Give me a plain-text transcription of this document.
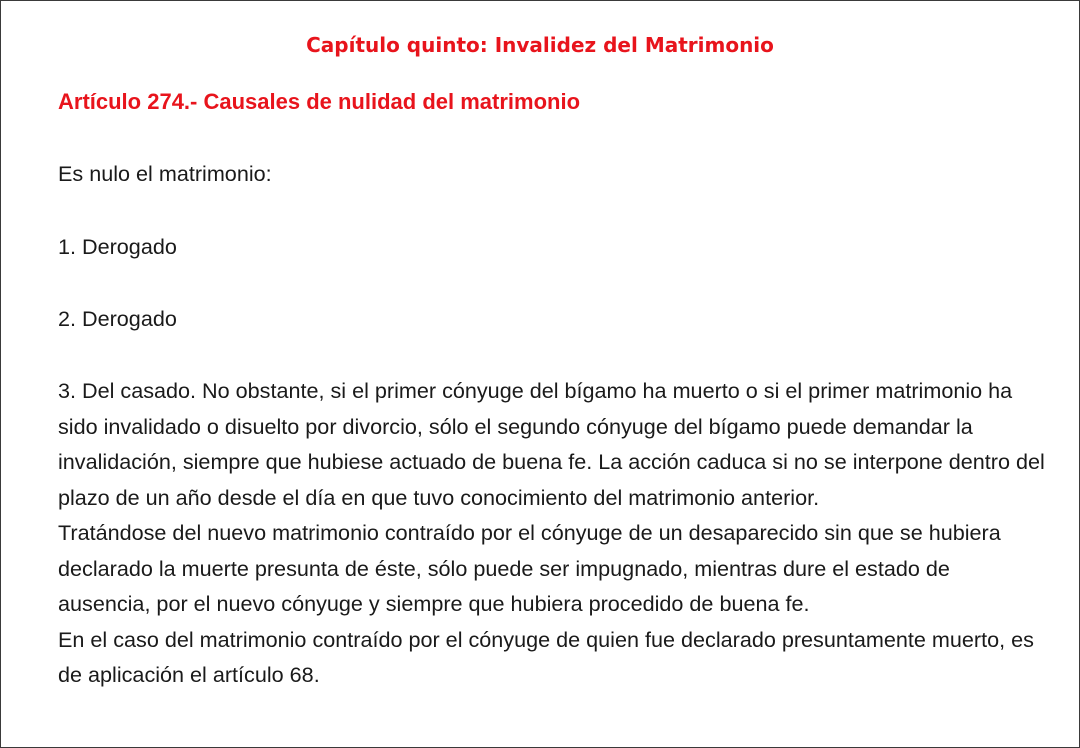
Capítulo quinto: Invalidez del Matrimonio
Artículo 274.- Causales de nulidad del matrimonio
Es nulo el matrimonio:
1. Derogado
2. Derogado

3. Del casado. No obstante, si el primer cónyuge del bígamo ha muerto o si el primer matrimonio ha sido invalidado o disuelto por divorcio, sólo el segundo cónyuge del bígamo puede demandar la invalidación, siempre que hubiese actuado de buena fe. La acción caduca si no se interpone dentro del plazo de un año desde el día en que tuvo conocimiento del matrimonio anterior.

Tratándose del nuevo matrimonio contraído por el cónyuge de un desaparecido sin que se hubiera declarado la muerte presunta de éste, sólo puede ser impugnado, mientras dure el estado de ausencia, por el nuevo cónyuge y siempre que hubiera procedido de buena fe.

En el caso del matrimonio contraído por el cónyuge de quien fue declarado presuntamente muerto, es de aplicación el artículo 68.
